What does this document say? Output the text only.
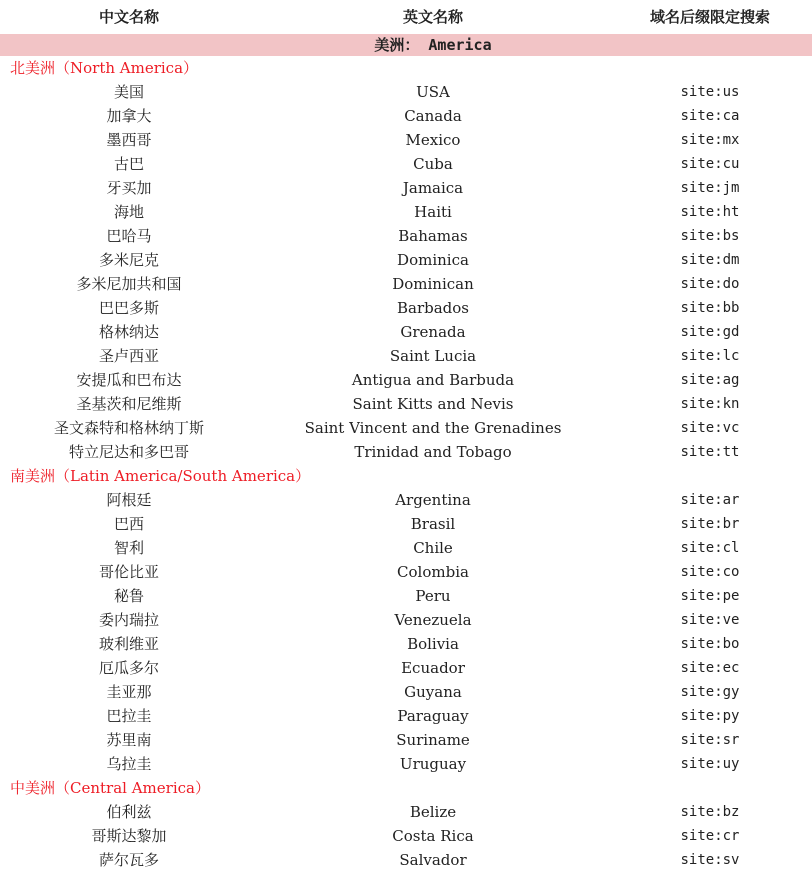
中文名称	英文名称	域名后缀限定搜索
美洲： America
北美洲（North America）
美国	USA	site:us
加拿大	Canada	site:ca
墨西哥	Mexico	site:mx
古巴	Cuba	site:cu
牙买加	Jamaica	site:jm
海地	Haiti	site:ht
巴哈马	Bahamas	site:bs
多米尼克	Dominica	site:dm
多米尼加共和国	Dominican	site:do
巴巴多斯	Barbados	site:bb
格林纳达	Grenada	site:gd
圣卢西亚	Saint Lucia	site:lc
安提瓜和巴布达	Antigua and Barbuda	site:ag
圣基茨和尼维斯	Saint Kitts and Nevis	site:kn
圣文森特和格林纳丁斯	Saint Vincent and the Grenadines	site:vc
特立尼达和多巴哥	Trinidad and Tobago	site:tt
南美洲（Latin America/South America）
阿根廷	Argentina	site:ar
巴西	Brasil	site:br
智利	Chile	site:cl
哥伦比亚	Colombia	site:co
秘鲁	Peru	site:pe
委内瑞拉	Venezuela	site:ve
玻利维亚	Bolivia	site:bo
厄瓜多尔	Ecuador	site:ec
圭亚那	Guyana	site:gy
巴拉圭	Paraguay	site:py
苏里南	Suriname	site:sr
乌拉圭	Uruguay	site:uy
中美洲（Central America）
伯利兹	Belize	site:bz
哥斯达黎加	Costa Rica	site:cr
萨尔瓦多	Salvador	site:sv
